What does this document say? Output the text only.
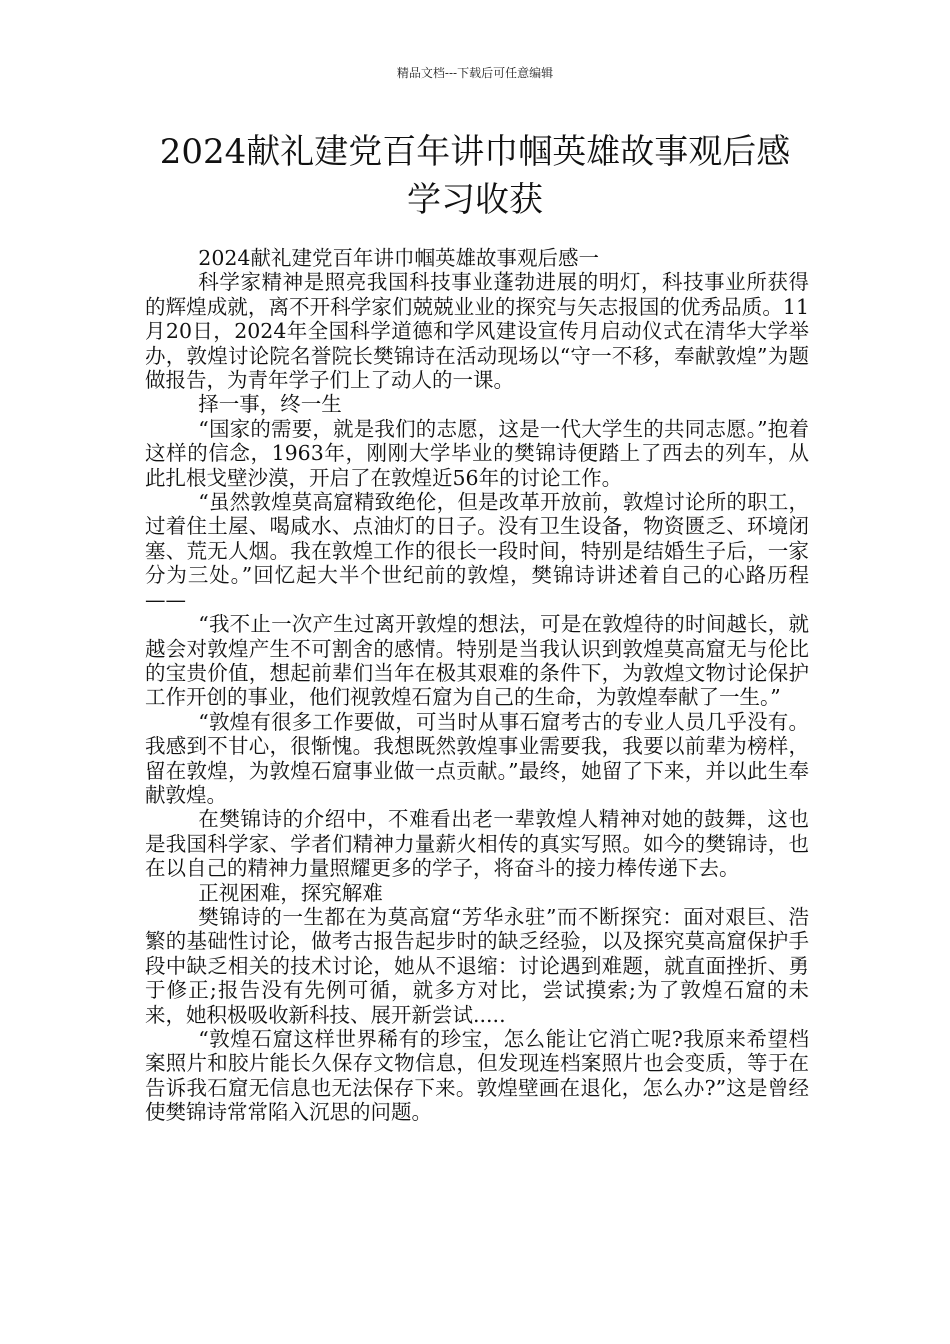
精品文档---下载后可任意编辑
2024献礼建党百年讲巾帼英雄故事观后感
学习收获

2024献礼建党百年讲巾帼英雄故事观后感一

科学家精神是照亮我国科技事业蓬勃进展的明灯，科技事业所获得的辉煌成就，离不开科学家们兢兢业业的探究与矢志报国的优秀品质。11月20日，2024年全国科学道德和学风建设宣传月启动仪式在清华大学举办，敦煌讨论院名誉院长樊锦诗在活动现场以“守一不移，奉献敦煌”为题做报告，为青年学子们上了动人的一课。

择一事，终一生

“国家的需要，就是我们的志愿，这是一代大学生的共同志愿。”抱着这样的信念，1963年，刚刚大学毕业的樊锦诗便踏上了西去的列车，从此扎根戈壁沙漠，开启了在敦煌近56年的讨论工作。

“虽然敦煌莫高窟精致绝伦，但是改革开放前，敦煌讨论所的职工，过着住土屋、喝咸水、点油灯的日子。没有卫生设备，物资匮乏、环境闭塞、荒无人烟。我在敦煌工作的很长一段时间，特别是结婚生子后，一家分为三处。”回忆起大半个世纪前的敦煌，樊锦诗讲述着自己的心路历程——

“我不止一次产生过离开敦煌的想法，可是在敦煌待的时间越长，就越会对敦煌产生不可割舍的感情。特别是当我认识到敦煌莫高窟无与伦比的宝贵价值，想起前辈们当年在极其艰难的条件下，为敦煌文物讨论保护工作开创的事业，他们视敦煌石窟为自己的生命，为敦煌奉献了一生。”

“敦煌有很多工作要做，可当时从事石窟考古的专业人员几乎没有。我感到不甘心，很惭愧。我想既然敦煌事业需要我，我要以前辈为榜样，留在敦煌，为敦煌石窟事业做一点贡献。”最终，她留了下来，并以此生奉献敦煌。

在樊锦诗的介绍中，不难看出老一辈敦煌人精神对她的鼓舞，这也是我国科学家、学者们精神力量薪火相传的真实写照。如今的樊锦诗，也在以自己的精神力量照耀更多的学子，将奋斗的接力棒传递下去。

正视困难，探究解难

樊锦诗的一生都在为莫高窟“芳华永驻”而不断探究：面对艰巨、浩繁的基础性讨论，做考古报告起步时的缺乏经验，以及探究莫高窟保护手段中缺乏相关的技术讨论，她从不退缩：讨论遇到难题，就直面挫折、勇于修正;报告没有先例可循，就多方对比，尝试摸索;为了敦煌石窟的未来，她积极吸收新科技、展开新尝试.....

“敦煌石窟这样世界稀有的珍宝，怎么能让它消亡呢?我原来希望档案照片和胶片能长久保存文物信息，但发现连档案照片也会变质，等于在告诉我石窟无信息也无法保存下来。敦煌壁画在退化，怎么办?”这是曾经使樊锦诗常常陷入沉思的问题。
